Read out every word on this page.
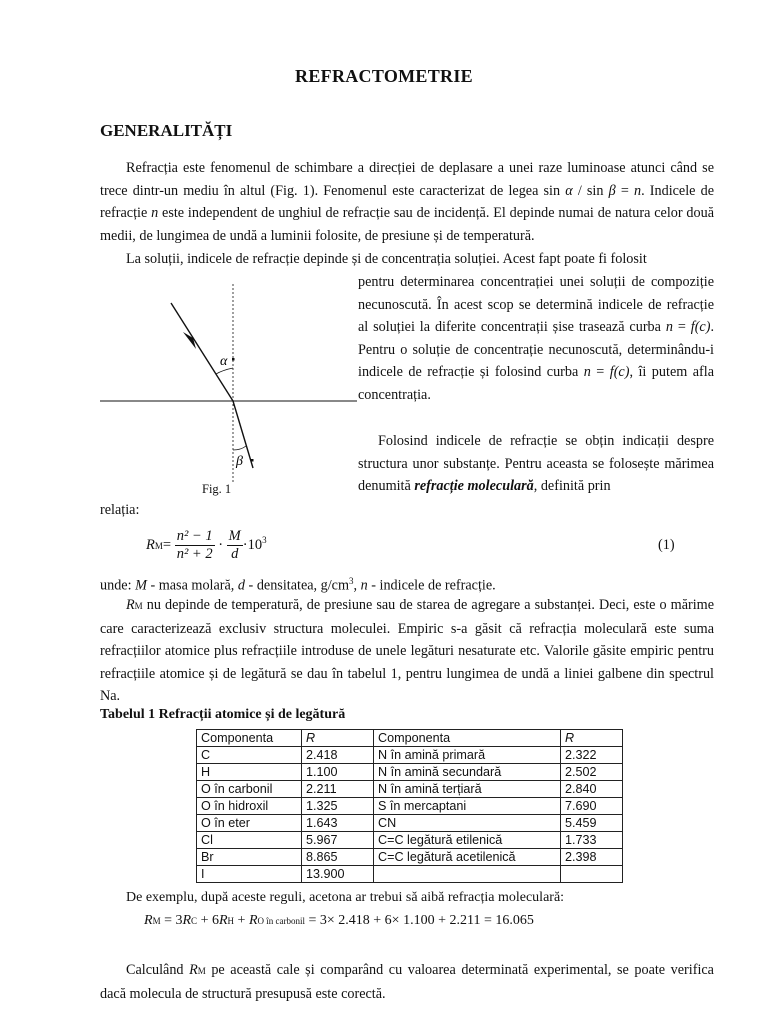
REFRACTOMETRIE
GENERALITĂȚI
Refracția este fenomenul de schimbare a direcției de deplasare a unei raze luminoase atunci când se trece dintr-un mediu în altul (Fig. 1). Fenomenul este caracterizat de legea sin α / sin β = n. Indicele de refracție n este independent de unghiul de refracție sau de incidență. El depinde numai de natura celor două medii, de lungimea de undă a luminii folosite, de presiune și de temperatură.
La soluții, indicele de refracție depinde și de concentrația soluției. Acest fapt poate fi folosit
pentru determinarea concentrației unei soluții de compoziție necunoscută. În acest scop se determină indicele de refracție al soluției la diferite concentrații șise trasează curba n = f(c). Pentru o soluție de concentrație necunoscută, determinându-i indicele de refracție și folosind curba n = f(c), îi putem afla concentrația.
Folosind indicele de refracție se obțin indicații despre structura unor substanțe. Pentru aceasta se folosește mărimea denumită refracție moleculară, definită prin
α
β
Fig. 1
relația:
$RM= \frac{\text{n² − 1}}{\text{n² + 2}} \cdot \frac{M}{d} \cdot 10^3$	(1)
unde: M - masa molară, d - densitatea, $g/cm^3$, n - indicele de refracție.
RM nu depinde de temperatură, de presiune sau de starea de agregare a substanței. Deci, este o mărime care caracterizează exclusiv structura moleculei. Empiric s-a găsit că refracția moleculară este suma refracțiilor atomice plus refracțiile introduse de unele legături nesaturate etc. Valorile găsite empiric pentru refracțiile atomice și de legătură se dau în tabelul 1, pentru lungimea de undă a liniei galbene din spectrul Na.
Tabelul 1 Refracții atomice și de legătură
Componenta	R	Componenta	R
C	2.418	N în amină primară	2.322
H	1.100	N în amină secundară	2.502
O în carbonil	2.211	N în amină terțiară	2.840
O în hidroxil	1.325	S în mercaptani	7.690
O în eter	1.643	CN	5.459
Cl	5.967	C=C legătură etilenică	1.733
Br	8.865	C=C legătură acetilenică	2.398
I	13.900		
De exemplu, după aceste reguli, acetona ar trebui să aibă refracția moleculară:
RM = 3RC + 6RH + RO în carbonil = 3× 2.418 + 6× 1.100 + 2.211 = 16.065
Calculând RM pe această cale și comparând cu valoarea determinată experimental, se poate verifica dacă molecula de structură presupusă este corectă.
